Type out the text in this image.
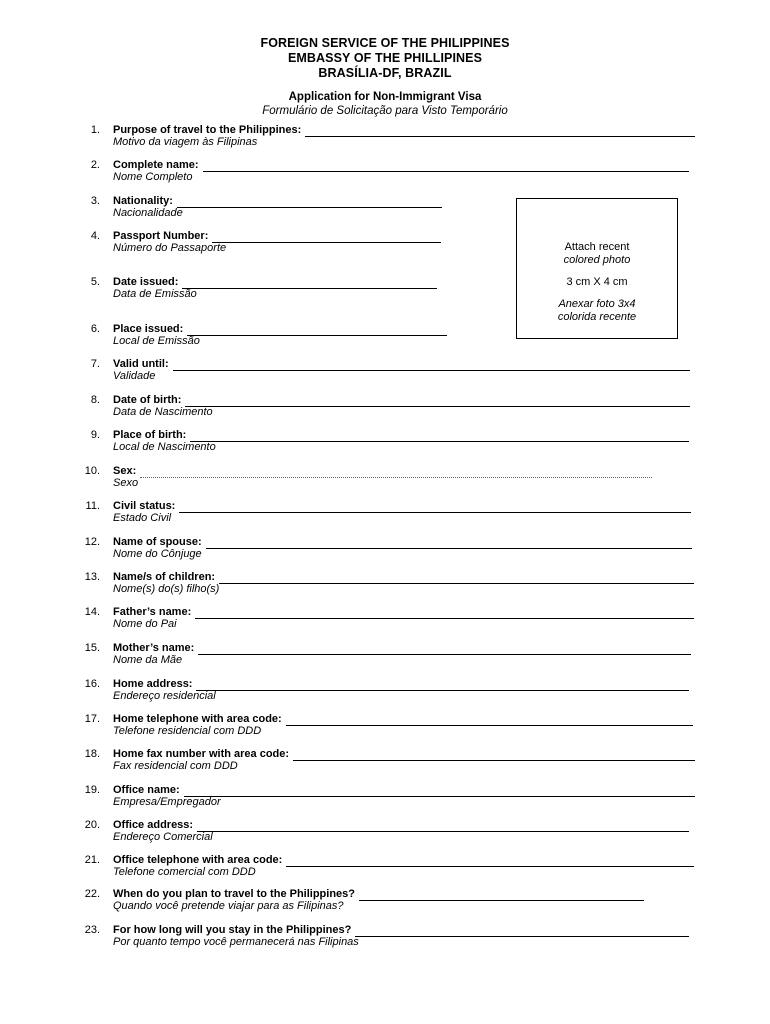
FOREIGN SERVICE OF THE PHILIPPINES
EMBASSY OF THE PHILLIPINES
BRASÍLIA-DF, BRAZIL
Application for Non-Immigrant Visa
Formulário de Solicitação para Visto Temporário
Attach recent
colored photo
3 cm X 4 cm
Anexar foto 3x4
colorida recente
1. Purpose of travel to the Philippines:
Motivo da viagem às Filipinas
2. Complete name:
Nome Completo
3. Nationality:
Nacionalidade
4. Passport Number:
Número do Passaporte
5. Date issued:
Data de Emissão
6. Place issued:
Local de Emissão
7. Valid until:
Validade
8. Date of birth:
Data de Nascimento
9. Place of birth:
Local de Nascimento
10. Sex:
Sexo
11. Civil status:
Estado Civil
12. Name of spouse:
Nome do Cônjuge
13. Name/s of children:
Nome(s) do(s) filho(s)
14. Father’s name:
Nome do Pai
15. Mother’s name:
Nome da Mãe
16. Home address:
Endereço residencial
17. Home telephone with area code:
Telefone residencial com DDD
18. Home fax number with area code:
Fax residencial com DDD
19. Office name:
Empresa/Empregador
20. Office address:
Endereço Comercial
21. Office telephone with area code:
Telefone comercial com DDD
22. When do you plan to travel to the Philippines?
Quando você pretende viajar para as Filipinas?
23. For how long will you stay in the Philippines?
Por quanto tempo você permanecerá nas Filipinas
